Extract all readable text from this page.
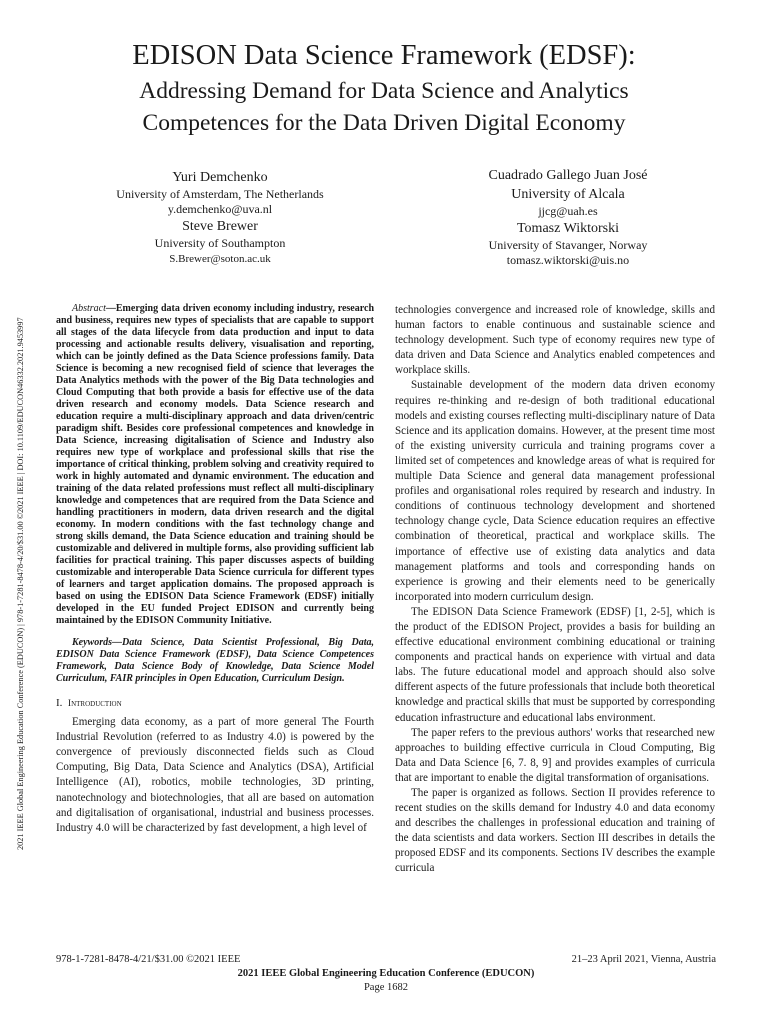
2021 IEEE Global Engineering Education Conference (EDUCON) | 978-1-7281-8478-4/20/$31.00 ©2021 IEEE | DOI: 10.1109/EDUCON46332.2021.9453997
EDISON Data Science Framework (EDSF):
Addressing Demand for Data Science and Analytics
Competences for the Data Driven Digital Economy
Yuri Demchenko
University of Amsterdam, The Netherlands
y.demchenko@uva.nl
Steve Brewer
University of Southampton
S.Brewer@soton.ac.uk
Cuadrado Gallego Juan José
University of Alcala
jjcg@uah.es
Tomasz Wiktorski
University of Stavanger, Norway
tomasz.wiktorski@uis.no

Abstract—Emerging data driven economy including industry, research and business, requires new types of specialists that are capable to support all stages of the data lifecycle from data production and input to data processing and actionable results delivery, visualisation and reporting, which can be jointly defined as the Data Science professions family. Data Science is becoming a new recognised field of science that leverages the Data Analytics methods with the power of the Big Data technologies and Cloud Computing that both provide a basis for effective use of the data driven research and economy models. Data Science research and education require a multi-disciplinary approach and data driven/centric paradigm shift. Besides core professional competences and knowledge in Data Science, increasing digitalisation of Science and Industry also requires new type of workplace and professional skills that rise the importance of critical thinking, problem solving and creativity required to work in highly automated and dynamic environment. The education and training of the data related professions must reflect all multi-disciplinary knowledge and competences that are required from the Data Science and handling practitioners in modern, data driven research and the digital economy. In modern conditions with the fast technology change and strong skills demand, the Data Science education and training should be customizable and delivered in multiple forms, also providing sufficient lab facilities for practical training. This paper discusses aspects of building customizable and interoperable Data Science curricula for different types of learners and target application domains. The proposed approach is based on using the EDISON Data Science Framework (EDSF) initially developed in the EU funded Project EDISON and currently being maintained by the EDISON Community Initiative.

Keywords—Data Science, Data Scientist Professional, Big Data, EDISON Data Science Framework (EDSF), Data Science Competences Framework, Data Science Body of Knowledge, Data Science Model Curriculum, FAIR principles in Open Education, Curriculum Design.

I. Introduction

Emerging data economy, as a part of more general The Fourth Industrial Revolution (referred to as Industry 4.0) is powered by the convergence of previously disconnected fields such as Cloud Computing, Big Data, Data Science and Analytics (DSA), Artificial Intelligence (AI), robotics, mobile technologies, 3D printing, nanotechnology and biotechnologies, that all are based on automation and digitalisation of organisational, industrial and business processes. Industry 4.0 will be characterized by fast development, a high level of

technologies convergence and increased role of knowledge, skills and human factors to enable continuous and sustainable science and technology development. Such type of economy requires new type of data driven and Data Science and Analytics enabled competences and workplace skills.

Sustainable development of the modern data driven economy requires re-thinking and re-design of both traditional educational models and existing courses reflecting multi-disciplinary nature of Data Science and its application domains. However, at the present time most of the existing university curricula and training programs cover a limited set of competences and knowledge areas of what is required for multiple Data Science and general data management professional profiles and organisational roles required by research and industry. In conditions of continuous technology development and shortened technology change cycle, Data Science education requires an effective combination of theoretical, practical and workplace skills. The importance of effective use of existing data analytics and data management platforms and tools and corresponding hands on experience is growing and their elements need to be generically incorporated into modern curriculum design.

The EDISON Data Science Framework (EDSF) [1, 2-5], which is the product of the EDISON Project, provides a basis for building an effective educational environment combining educational or training components and practical hands on experience with virtual and data labs. The future educational model and approach should also solve different aspects of the future professionals that include both theoretical knowledge and practical skills that must be supported by corresponding education infrastructure and educational labs environment.

The paper refers to the previous authors' works that researched new approaches to building effective curricula in Cloud Computing, Big Data and Data Science [6, 7. 8, 9] and provides examples of curricula that are important to enable the digital transformation of organisations.

The paper is organized as follows. Section II provides reference to recent studies on the skills demand for Industry 4.0 and data economy and describes the challenges in professional education and training of the data scientists and data workers. Section III describes in details the proposed EDSF and its components. Sections IV describes the example curricula

978-1-7281-8478-4/21/$31.00 ©2021 IEEE	21–23 April 2021, Vienna, Austria
2021 IEEE Global Engineering Education Conference (EDUCON)
Page 1682
